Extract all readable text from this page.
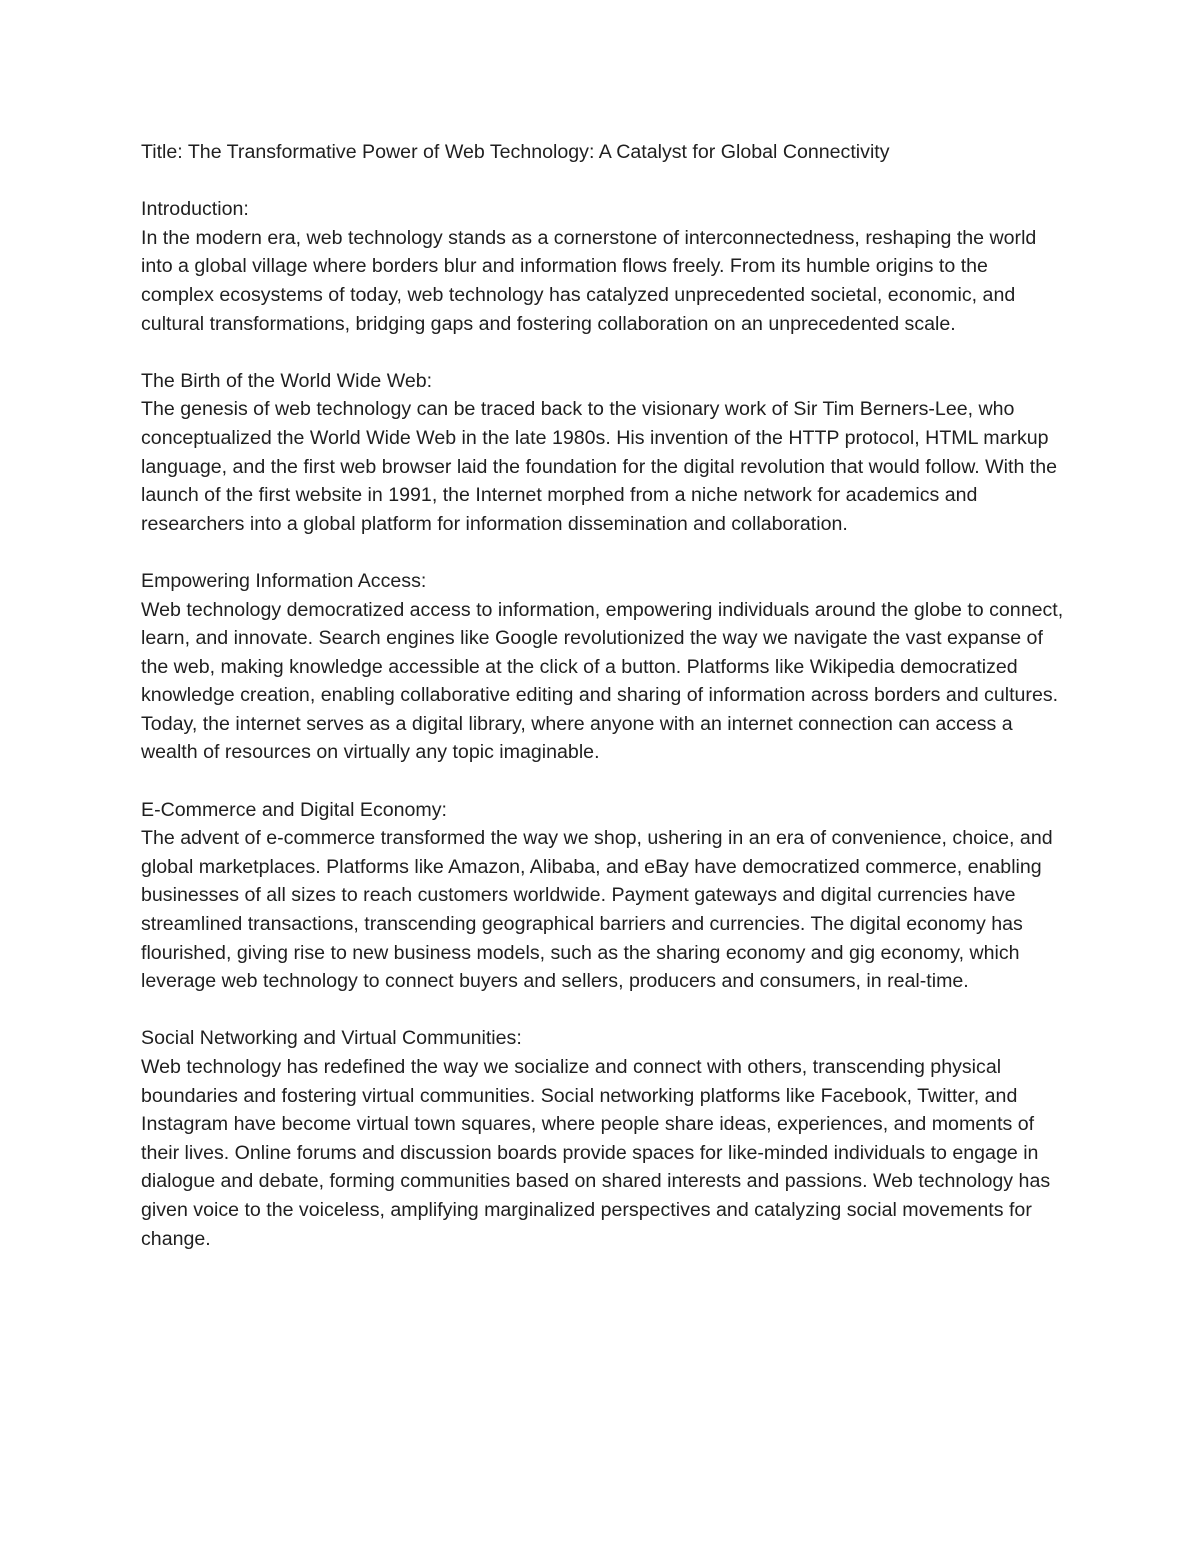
Title: The Transformative Power of Web Technology: A Catalyst for Global Connectivity

Introduction:
In the modern era, web technology stands as a cornerstone of interconnectedness, reshaping the world into a global village where borders blur and information flows freely. From its humble origins to the complex ecosystems of today, web technology has catalyzed unprecedented societal, economic, and cultural transformations, bridging gaps and fostering collaboration on an unprecedented scale.
The Birth of the World Wide Web:
The genesis of web technology can be traced back to the visionary work of Sir Tim Berners-Lee, who conceptualized the World Wide Web in the late 1980s. His invention of the HTTP protocol, HTML markup language, and the first web browser laid the foundation for the digital revolution that would follow. With the launch of the first website in 1991, the Internet morphed from a niche network for academics and researchers into a global platform for information dissemination and collaboration.
Empowering Information Access:
Web technology democratized access to information, empowering individuals around the globe to connect, learn, and innovate. Search engines like Google revolutionized the way we navigate the vast expanse of the web, making knowledge accessible at the click of a button. Platforms like Wikipedia democratized knowledge creation, enabling collaborative editing and sharing of information across borders and cultures. Today, the internet serves as a digital library, where anyone with an internet connection can access a wealth of resources on virtually any topic imaginable.
E-Commerce and Digital Economy:
The advent of e-commerce transformed the way we shop, ushering in an era of convenience, choice, and global marketplaces. Platforms like Amazon, Alibaba, and eBay have democratized commerce, enabling businesses of all sizes to reach customers worldwide. Payment gateways and digital currencies have streamlined transactions, transcending geographical barriers and currencies. The digital economy has flourished, giving rise to new business models, such as the sharing economy and gig economy, which leverage web technology to connect buyers and sellers, producers and consumers, in real-time.
Social Networking and Virtual Communities:
Web technology has redefined the way we socialize and connect with others, transcending physical boundaries and fostering virtual communities. Social networking platforms like Facebook, Twitter, and Instagram have become virtual town squares, where people share ideas, experiences, and moments of their lives. Online forums and discussion boards provide spaces for like-minded individuals to engage in dialogue and debate, forming communities based on shared interests and passions. Web technology has given voice to the voiceless, amplifying marginalized perspectives and catalyzing social movements for change.
